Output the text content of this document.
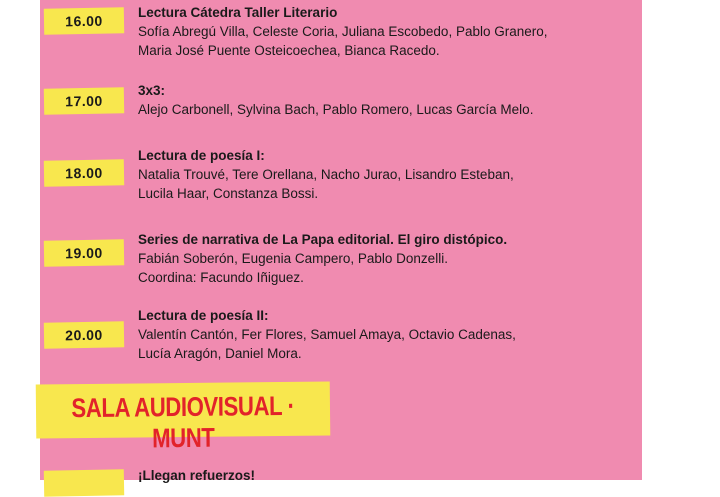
16.00
Lectura Cátedra Taller Literario
Sofía Abregú Villa, Celeste Coria, Juliana Escobedo, Pablo Granero,
Maria José Puente Osteicoechea, Bianca Racedo.
17.00
3x3:
Alejo Carbonell, Sylvina Bach, Pablo Romero, Lucas García Melo.
18.00
Lectura de poesía I:
Natalia Trouvé, Tere Orellana, Nacho Jurao, Lisandro Esteban,
Lucila Haar, Constanza Bossi.
19.00
Series de narrativa de La Papa editorial. El giro distópico.
Fabián Soberón, Eugenia Campero, Pablo Donzelli.
Coordina: Facundo Iñiguez.
20.00
Lectura de poesía II:
Valentín Cantón, Fer Flores, Samuel Amaya, Octavio Cadenas,
Lucía Aragón, Daniel Mora.
SALA AUDIOVISUAL · MUNT
¡Llegan refuerzos!
